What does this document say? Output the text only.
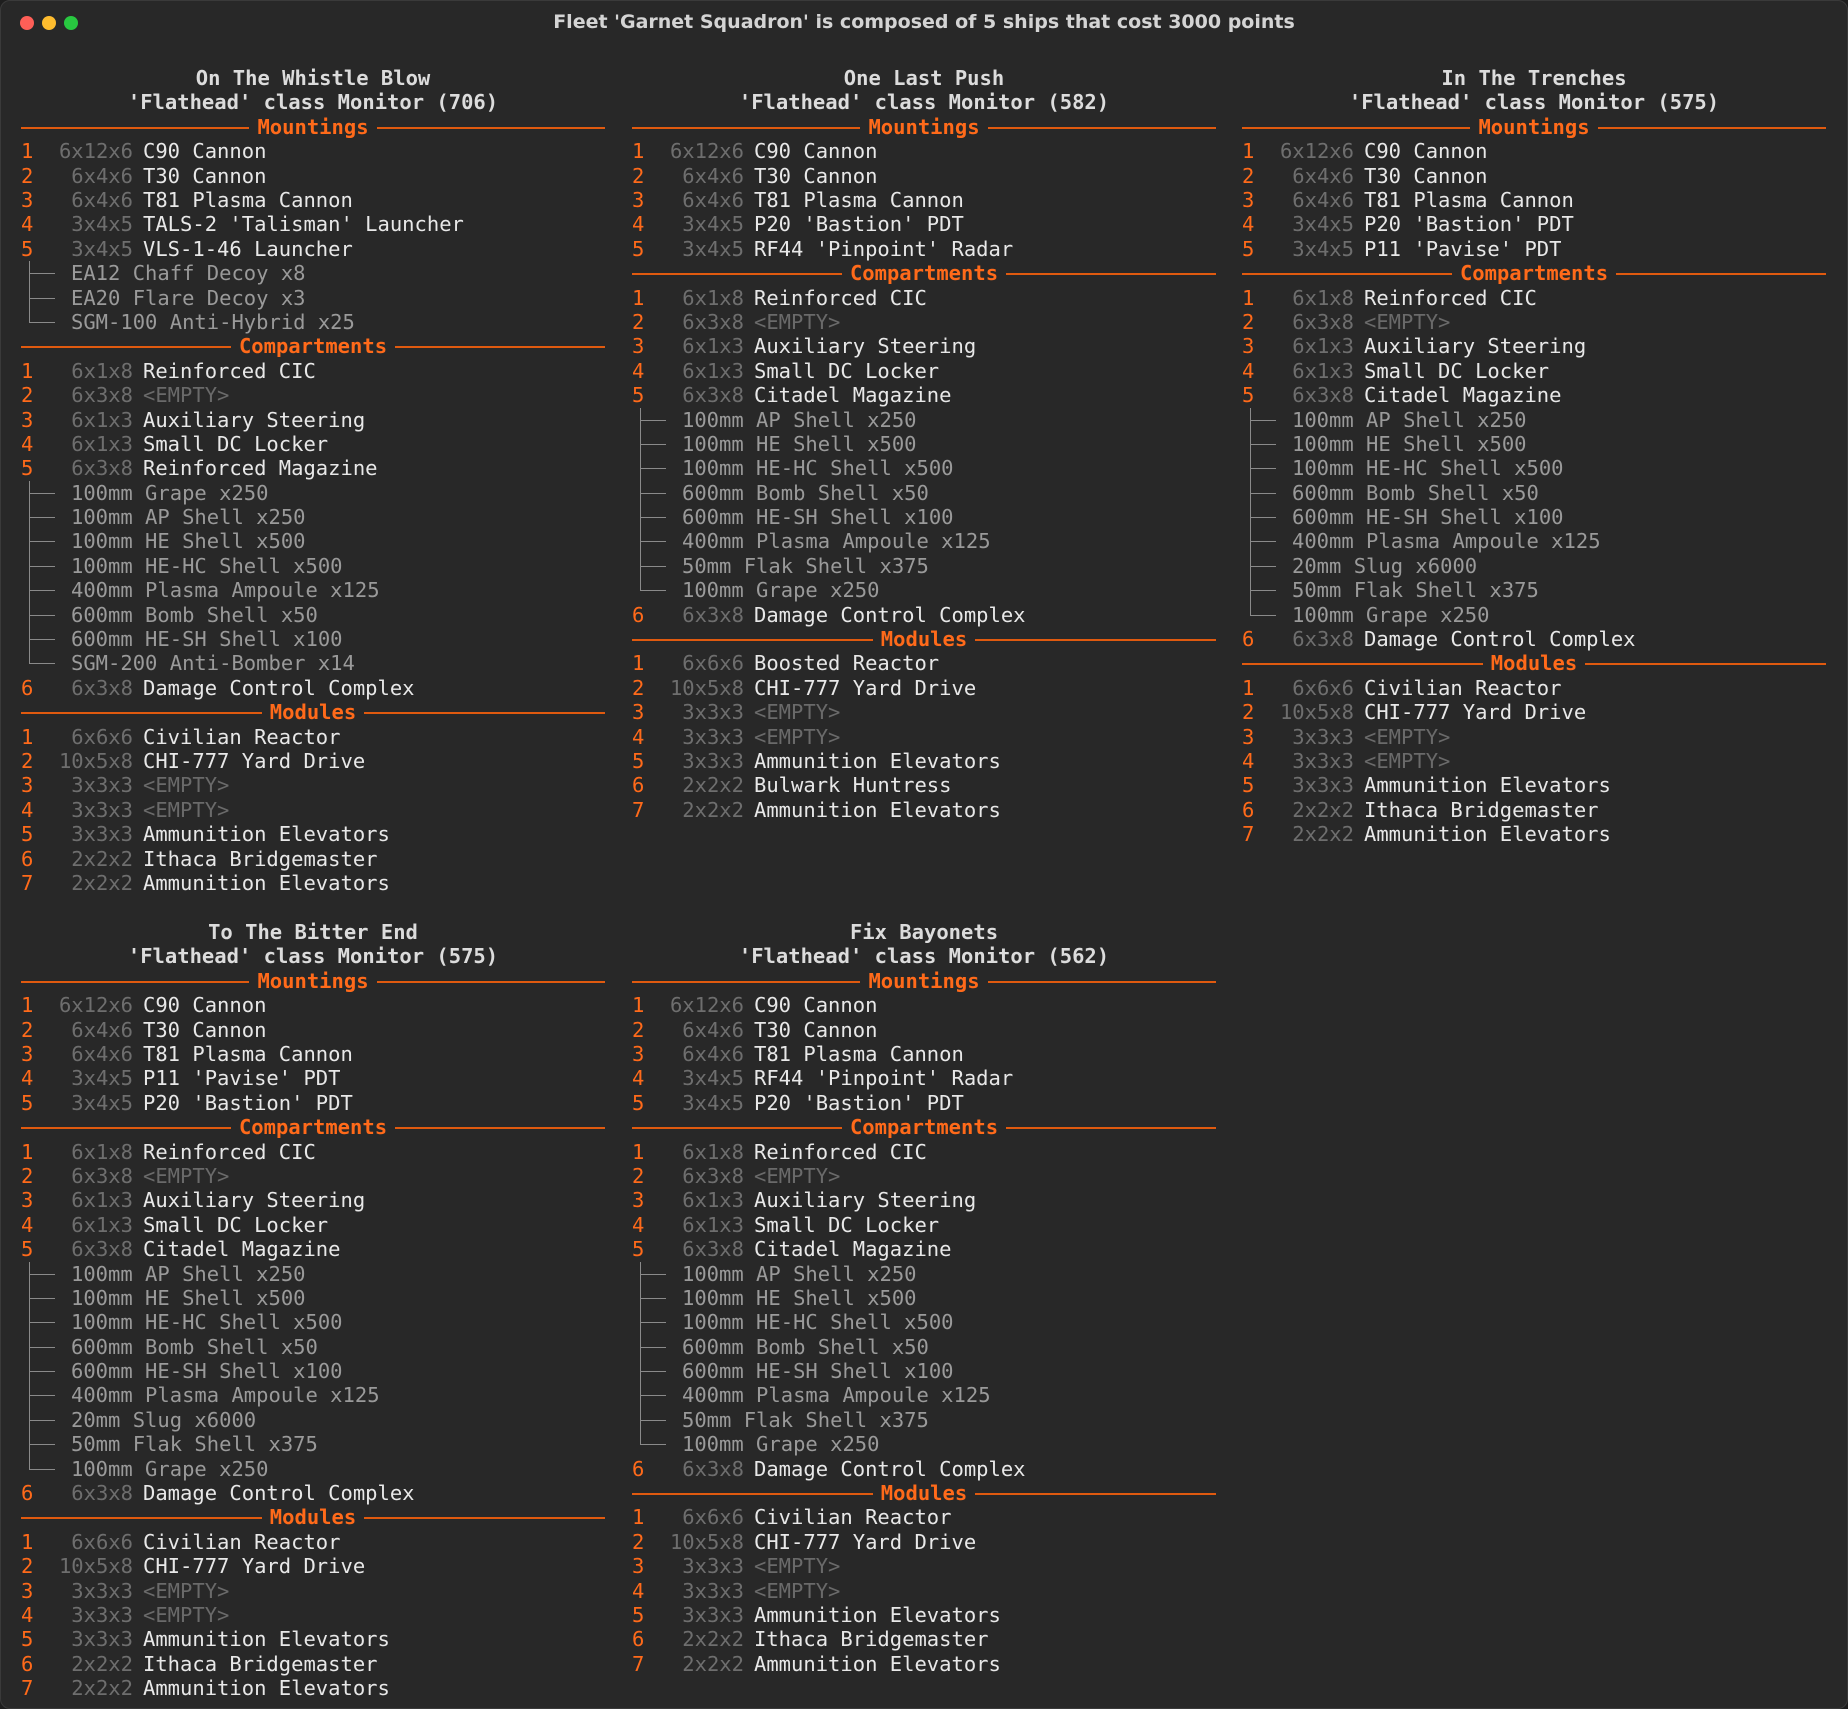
Fleet 'Garnet Squadron' is composed of 5 ships that cost 3000 points
On The Whistle Blow
'Flathead' class Monitor (706)
Mountings
1 6x12x6 C90 Cannon
2 6x4x6 T30 Cannon
3 6x4x6 T81 Plasma Cannon
4 3x4x5 TALS-2 'Talisman' Launcher
5 3x4x5 VLS-1-46 Launcher
EA12 Chaff Decoy x8
EA20 Flare Decoy x3
SGM-100 Anti-Hybrid x25
Compartments
1 6x1x8 Reinforced CIC
2 6x3x8 <EMPTY>
3 6x1x3 Auxiliary Steering
4 6x1x3 Small DC Locker
5 6x3x8 Reinforced Magazine
100mm Grape x250
100mm AP Shell x250
100mm HE Shell x500
100mm HE-HC Shell x500
400mm Plasma Ampoule x125
600mm Bomb Shell x50
600mm HE-SH Shell x100
SGM-200 Anti-Bomber x14
6 6x3x8 Damage Control Complex
Modules
1 6x6x6 Civilian Reactor
2 10x5x8 CHI-777 Yard Drive
3 3x3x3 <EMPTY>
4 3x3x3 <EMPTY>
5 3x3x3 Ammunition Elevators
6 2x2x2 Ithaca Bridgemaster
7 2x2x2 Ammunition Elevators
One Last Push
'Flathead' class Monitor (582)
Mountings
1 6x12x6 C90 Cannon
2 6x4x6 T30 Cannon
3 6x4x6 T81 Plasma Cannon
4 3x4x5 P20 'Bastion' PDT
5 3x4x5 RF44 'Pinpoint' Radar
Compartments
1 6x1x8 Reinforced CIC
2 6x3x8 <EMPTY>
3 6x1x3 Auxiliary Steering
4 6x1x3 Small DC Locker
5 6x3x8 Citadel Magazine
100mm AP Shell x250
100mm HE Shell x500
100mm HE-HC Shell x500
600mm Bomb Shell x50
600mm HE-SH Shell x100
400mm Plasma Ampoule x125
50mm Flak Shell x375
100mm Grape x250
6 6x3x8 Damage Control Complex
Modules
1 6x6x6 Boosted Reactor
2 10x5x8 CHI-777 Yard Drive
3 3x3x3 <EMPTY>
4 3x3x3 <EMPTY>
5 3x3x3 Ammunition Elevators
6 2x2x2 Bulwark Huntress
7 2x2x2 Ammunition Elevators
In The Trenches
'Flathead' class Monitor (575)
Mountings
1 6x12x6 C90 Cannon
2 6x4x6 T30 Cannon
3 6x4x6 T81 Plasma Cannon
4 3x4x5 P20 'Bastion' PDT
5 3x4x5 P11 'Pavise' PDT
Compartments
1 6x1x8 Reinforced CIC
2 6x3x8 <EMPTY>
3 6x1x3 Auxiliary Steering
4 6x1x3 Small DC Locker
5 6x3x8 Citadel Magazine
100mm AP Shell x250
100mm HE Shell x500
100mm HE-HC Shell x500
600mm Bomb Shell x50
600mm HE-SH Shell x100
400mm Plasma Ampoule x125
20mm Slug x6000
50mm Flak Shell x375
100mm Grape x250
6 6x3x8 Damage Control Complex
Modules
1 6x6x6 Civilian Reactor
2 10x5x8 CHI-777 Yard Drive
3 3x3x3 <EMPTY>
4 3x3x3 <EMPTY>
5 3x3x3 Ammunition Elevators
6 2x2x2 Ithaca Bridgemaster
7 2x2x2 Ammunition Elevators
To The Bitter End
'Flathead' class Monitor (575)
Mountings
1 6x12x6 C90 Cannon
2 6x4x6 T30 Cannon
3 6x4x6 T81 Plasma Cannon
4 3x4x5 P11 'Pavise' PDT
5 3x4x5 P20 'Bastion' PDT
Compartments
1 6x1x8 Reinforced CIC
2 6x3x8 <EMPTY>
3 6x1x3 Auxiliary Steering
4 6x1x3 Small DC Locker
5 6x3x8 Citadel Magazine
100mm AP Shell x250
100mm HE Shell x500
100mm HE-HC Shell x500
600mm Bomb Shell x50
600mm HE-SH Shell x100
400mm Plasma Ampoule x125
20mm Slug x6000
50mm Flak Shell x375
100mm Grape x250
6 6x3x8 Damage Control Complex
Modules
1 6x6x6 Civilian Reactor
2 10x5x8 CHI-777 Yard Drive
3 3x3x3 <EMPTY>
4 3x3x3 <EMPTY>
5 3x3x3 Ammunition Elevators
6 2x2x2 Ithaca Bridgemaster
7 2x2x2 Ammunition Elevators
Fix Bayonets
'Flathead' class Monitor (562)
Mountings
1 6x12x6 C90 Cannon
2 6x4x6 T30 Cannon
3 6x4x6 T81 Plasma Cannon
4 3x4x5 RF44 'Pinpoint' Radar
5 3x4x5 P20 'Bastion' PDT
Compartments
1 6x1x8 Reinforced CIC
2 6x3x8 <EMPTY>
3 6x1x3 Auxiliary Steering
4 6x1x3 Small DC Locker
5 6x3x8 Citadel Magazine
100mm AP Shell x250
100mm HE Shell x500
100mm HE-HC Shell x500
600mm Bomb Shell x50
600mm HE-SH Shell x100
400mm Plasma Ampoule x125
50mm Flak Shell x375
100mm Grape x250
6 6x3x8 Damage Control Complex
Modules
1 6x6x6 Civilian Reactor
2 10x5x8 CHI-777 Yard Drive
3 3x3x3 <EMPTY>
4 3x3x3 <EMPTY>
5 3x3x3 Ammunition Elevators
6 2x2x2 Ithaca Bridgemaster
7 2x2x2 Ammunition Elevators
